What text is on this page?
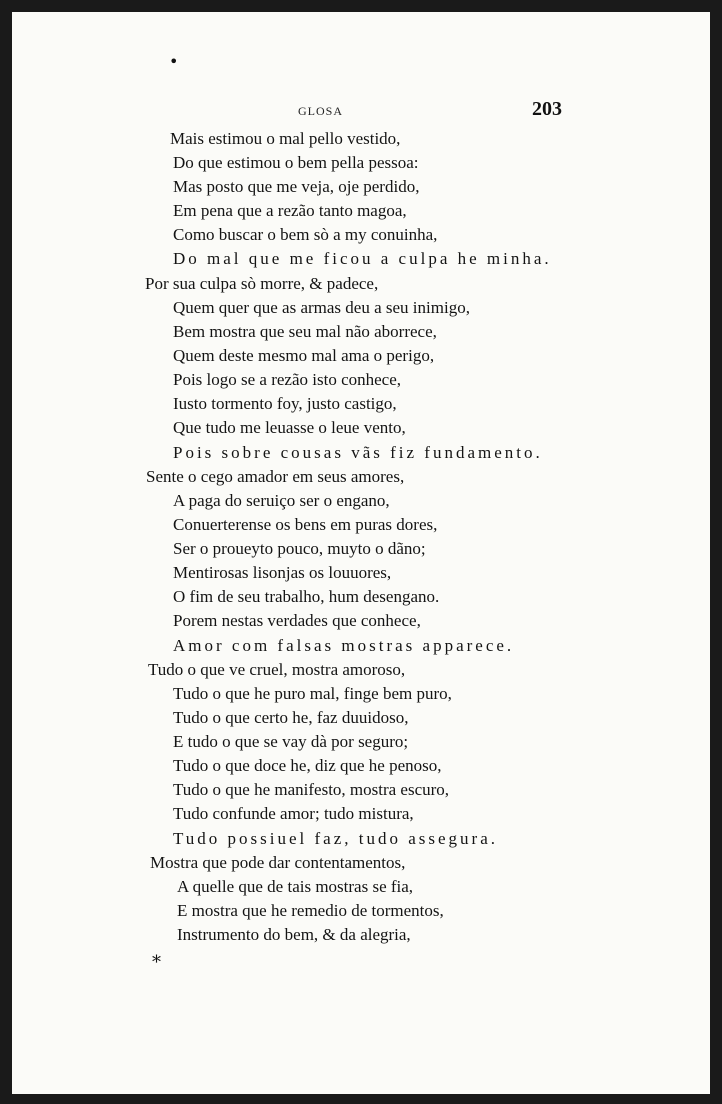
•
GLOSA	203
Mais estimou o mal pello vestido,
Do que estimou o bem pella pessoa:
Mas posto que me veja, oje perdido,
Em pena que a rezão tanto magoa,
Como buscar o bem sò a my conuinha,
Do mal que me ficou a culpa he minha.
Por sua culpa sò morre, & padece,
Quem quer que as armas deu a seu inimigo,
Bem mostra que seu mal não aborrece,
Quem deste mesmo mal ama o perigo,
Pois logo se a rezão isto conhece,
Iusto tormento foy, justo castigo,
Que tudo me leuasse o leue vento,
Pois sobre cousas vãs fiz fundamento.
Sente o cego amador em seus amores,
A paga do seruiço ser o engano,
Conuerterense os bens em puras dores,
Ser o proueyto pouco, muyto o dãno;
Mentirosas lisonjas os louuores,
O fim de seu trabalho, hum desengano.
Porem nestas verdades que conhece,
Amor com falsas mostras apparece.
Tudo o que ve cruel, mostra amoroso,
Tudo o que he puro mal, finge bem puro,
Tudo o que certo he, faz duuidoso,
E tudo o que se vay dà por seguro;
Tudo o que doce he, diz que he penoso,
Tudo o que he manifesto, mostra escuro,
Tudo confunde amor; tudo mistura,
Tudo possiuel faz, tudo assegura.
Mostra que pode dar contentamentos,
A quelle que de tais mostras se fia,
E mostra que he remedio de tormentos,
Instrumento do bem, & da alegria,
*
